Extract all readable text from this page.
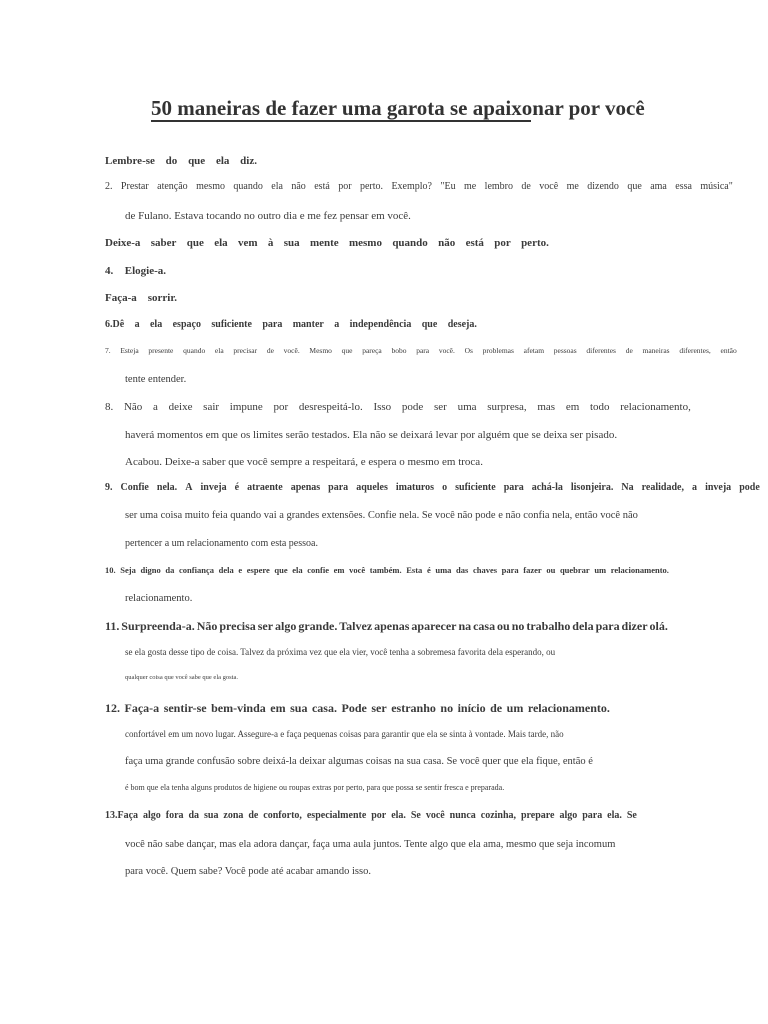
50 maneiras de fazer uma garota se apaixonar por você
Lembre-se do que ela diz.
2. Prestar atenção mesmo quando ela não está por perto. Exemplo? "Eu me lembro de você me dizendo que ama essa música"
de Fulano. Estava tocando no outro dia e me fez pensar em você.
Deixe-a saber que ela vem à sua mente mesmo quando não está por perto.
4. Elogie-a.
Faça-a sorrir.
6.Dê a ela espaço suficiente para manter a independência que deseja.
7. Esteja presente quando ela precisar de você. Mesmo que pareça bobo para você. Os problemas afetam pessoas diferentes de maneiras diferentes, então
tente entender.
8. Não a deixe sair impune por desrespeitá-lo. Isso pode ser uma surpresa, mas em todo relacionamento,
haverá momentos em que os limites serão testados. Ela não se deixará levar por alguém que se deixa ser pisado.
Acabou. Deixe-a saber que você sempre a respeitará, e espera o mesmo em troca.
9. Confie nela. A inveja é atraente apenas para aqueles imaturos o suficiente para achá-la lisonjeira. Na realidade, a inveja pode
ser uma coisa muito feia quando vai a grandes extensões. Confie nela. Se você não pode e não confia nela, então você não
pertencer a um relacionamento com esta pessoa.
10. Seja digno da confiança dela e espere que ela confie em você também. Esta é uma das chaves para fazer ou quebrar um relacionamento.
relacionamento.
11. Surpreenda-a. Não precisa ser algo grande. Talvez apenas aparecer na casa ou no trabalho dela para dizer olá.
se ela gosta desse tipo de coisa. Talvez da próxima vez que ela vier, você tenha a sobremesa favorita dela esperando, ou
qualquer coisa que você sabe que ela gosta.
12. Faça-a sentir-se bem-vinda em sua casa. Pode ser estranho no início de um relacionamento.
confortável em um novo lugar. Assegure-a e faça pequenas coisas para garantir que ela se sinta à vontade. Mais tarde, não
faça uma grande confusão sobre deixá-la deixar algumas coisas na sua casa. Se você quer que ela fique, então é
é bom que ela tenha alguns produtos de higiene ou roupas extras por perto, para que possa se sentir fresca e preparada.
13.Faça algo fora da sua zona de conforto, especialmente por ela. Se você nunca cozinha, prepare algo para ela. Se
você não sabe dançar, mas ela adora dançar, faça uma aula juntos. Tente algo que ela ama, mesmo que seja incomum
para você. Quem sabe? Você pode até acabar amando isso.
